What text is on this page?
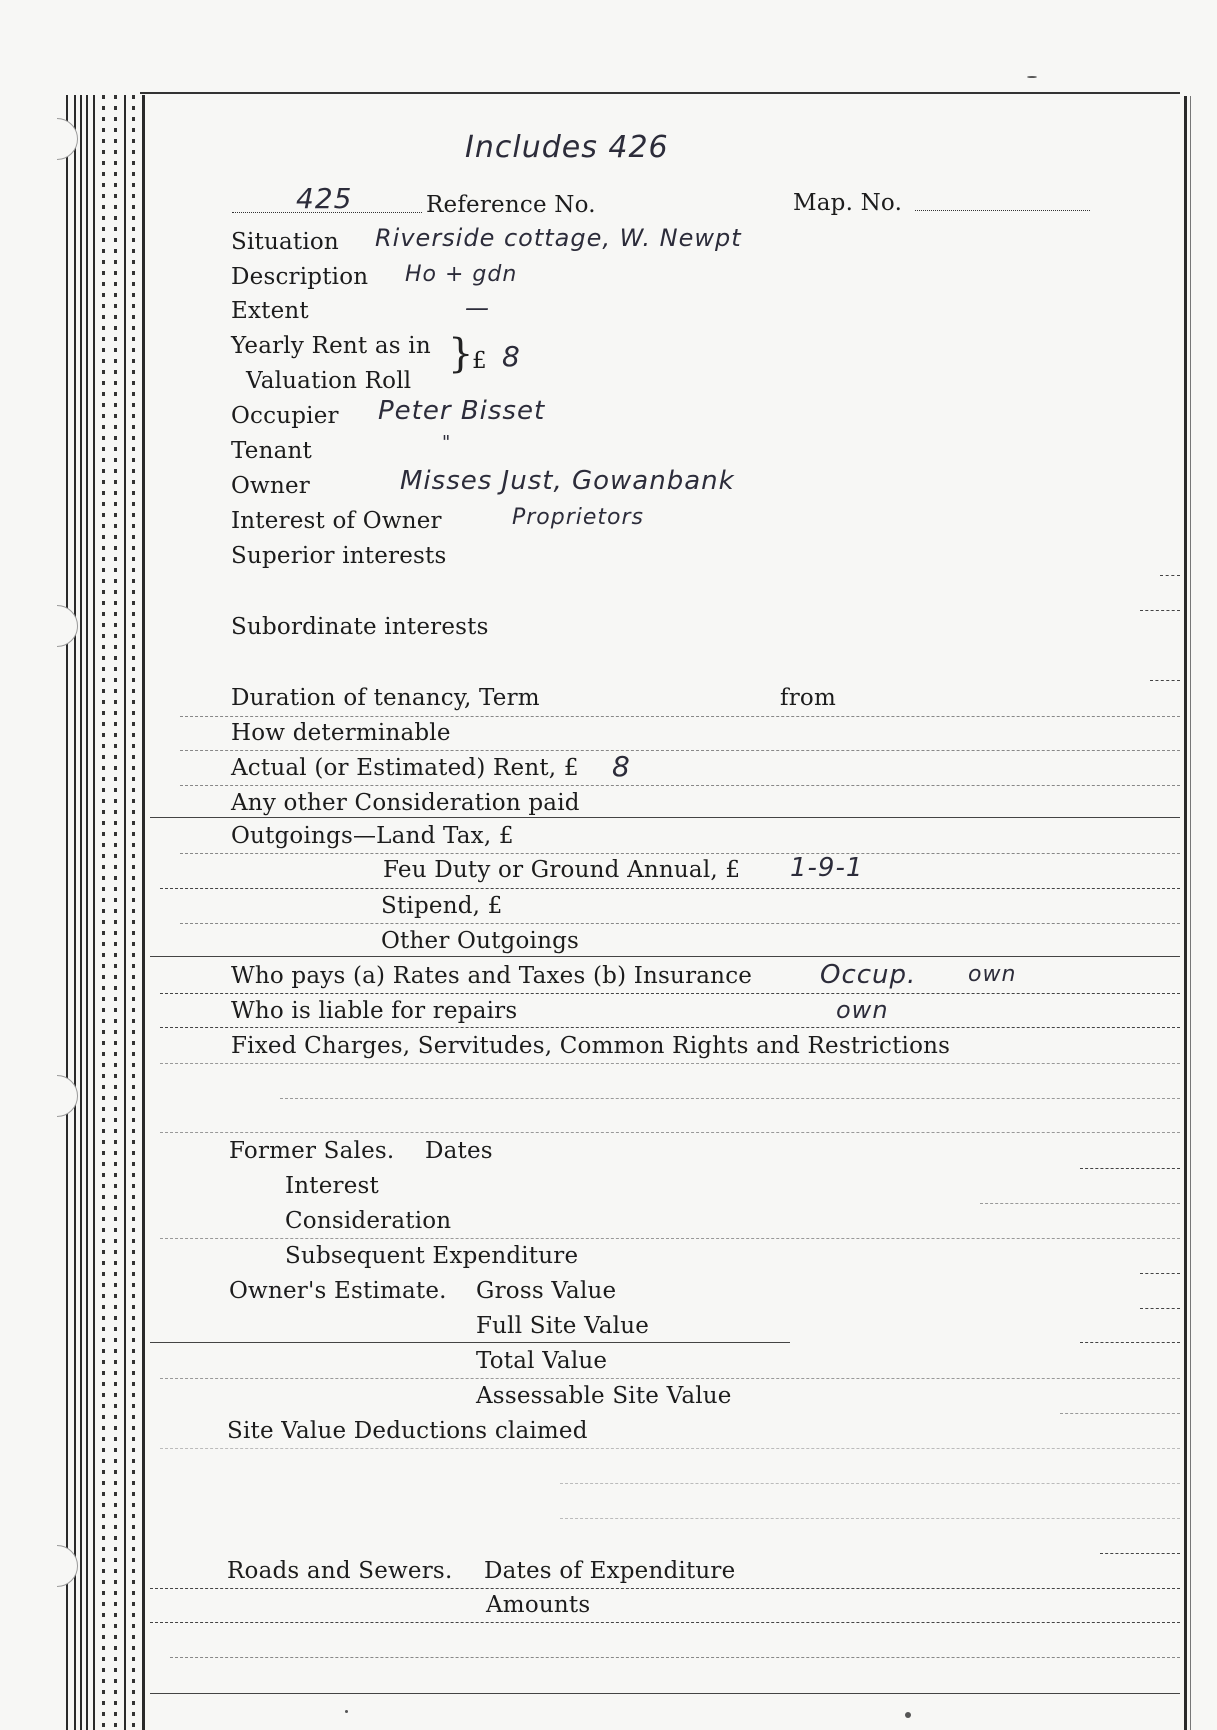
Includes 426
425	Reference No.	Map. No.
Situation Riverside cottage, W. Newpt
Description Ho + gdn
Extent	—
Yearly Rent as in
Valuation Roll
}
£ 8
Occupier Peter Bisset
Tenant	"
Owner	Misses Just, Gowanbank
Interest of Owner	Proprietors
Superior interests
Subordinate interests
Duration of tenancy, Term	from
How determinable
Actual (or Estimated) Rent, £ 8
Any other Consideration paid
Outgoings—Land Tax, £
Feu Duty or Ground Annual, £ 1-9-1
Stipend, £
Other Outgoings
Who pays (a) Rates and Taxes (b) Insurance	Occup. own
Who is liable for repairs	own
Fixed Charges, Servitudes, Common Rights and Restrictions
Former Sales. Dates
Interest
Consideration
Subsequent Expenditure
Owner's Estimate. Gross Value
Full Site Value
Total Value
Assessable Site Value
Site Value Deductions claimed
Roads and Sewers. Dates of Expenditure
Amounts
